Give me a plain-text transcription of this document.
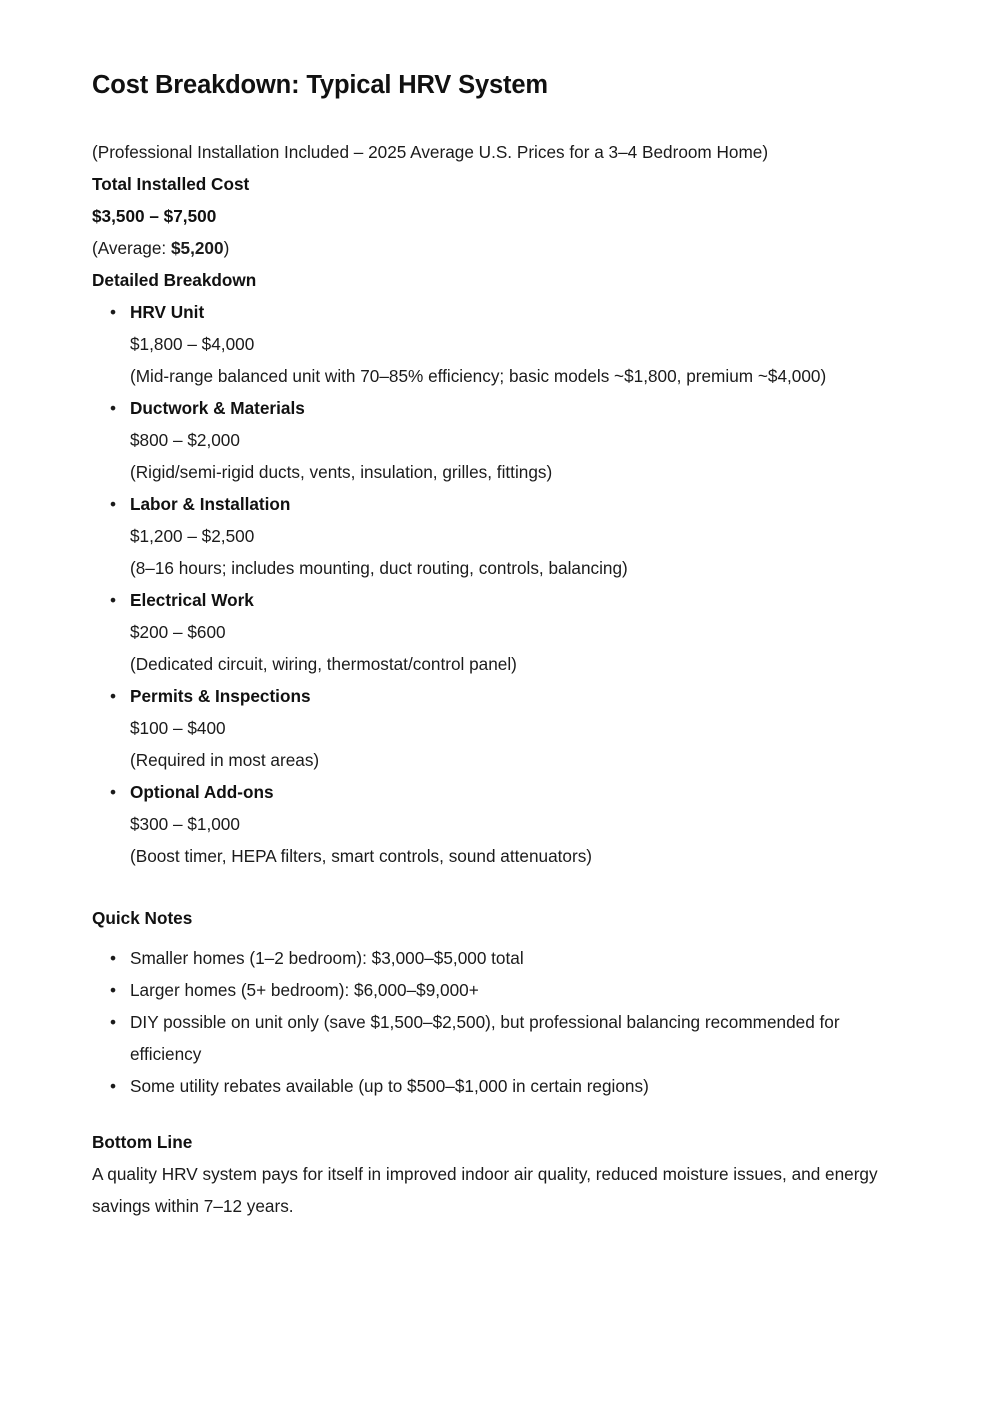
Cost Breakdown: Typical HRV System

(Professional Installation Included – 2025 Average U.S. Prices for a 3–4 Bedroom Home)

Total Installed Cost

$3,500 – $7,500

(Average: $5,200)

Detailed Breakdown

• HRV Unit
$1,800 – $4,000
(Mid-range balanced unit with 70–85% efficiency; basic models ~$1,800, premium ~$4,000)
• Ductwork & Materials
$800 – $2,000
(Rigid/semi-rigid ducts, vents, insulation, grilles, fittings)
• Labor & Installation
$1,200 – $2,500
(8–16 hours; includes mounting, duct routing, controls, balancing)
• Electrical Work
$200 – $600
(Dedicated circuit, wiring, thermostat/control panel)
• Permits & Inspections
$100 – $400
(Required in most areas)
• Optional Add-ons
$300 – $1,000
(Boost timer, HEPA filters, smart controls, sound attenuators)

Quick Notes

• Smaller homes (1–2 bedroom): $3,000–$5,000 total
• Larger homes (5+ bedroom): $6,000–$9,000+
• DIY possible on unit only (save $1,500–$2,500), but professional balancing recommended for efficiency
• Some utility rebates available (up to $500–$1,000 in certain regions)

Bottom Line

A quality HRV system pays for itself in improved indoor air quality, reduced moisture issues, and energy savings within 7–12 years.
